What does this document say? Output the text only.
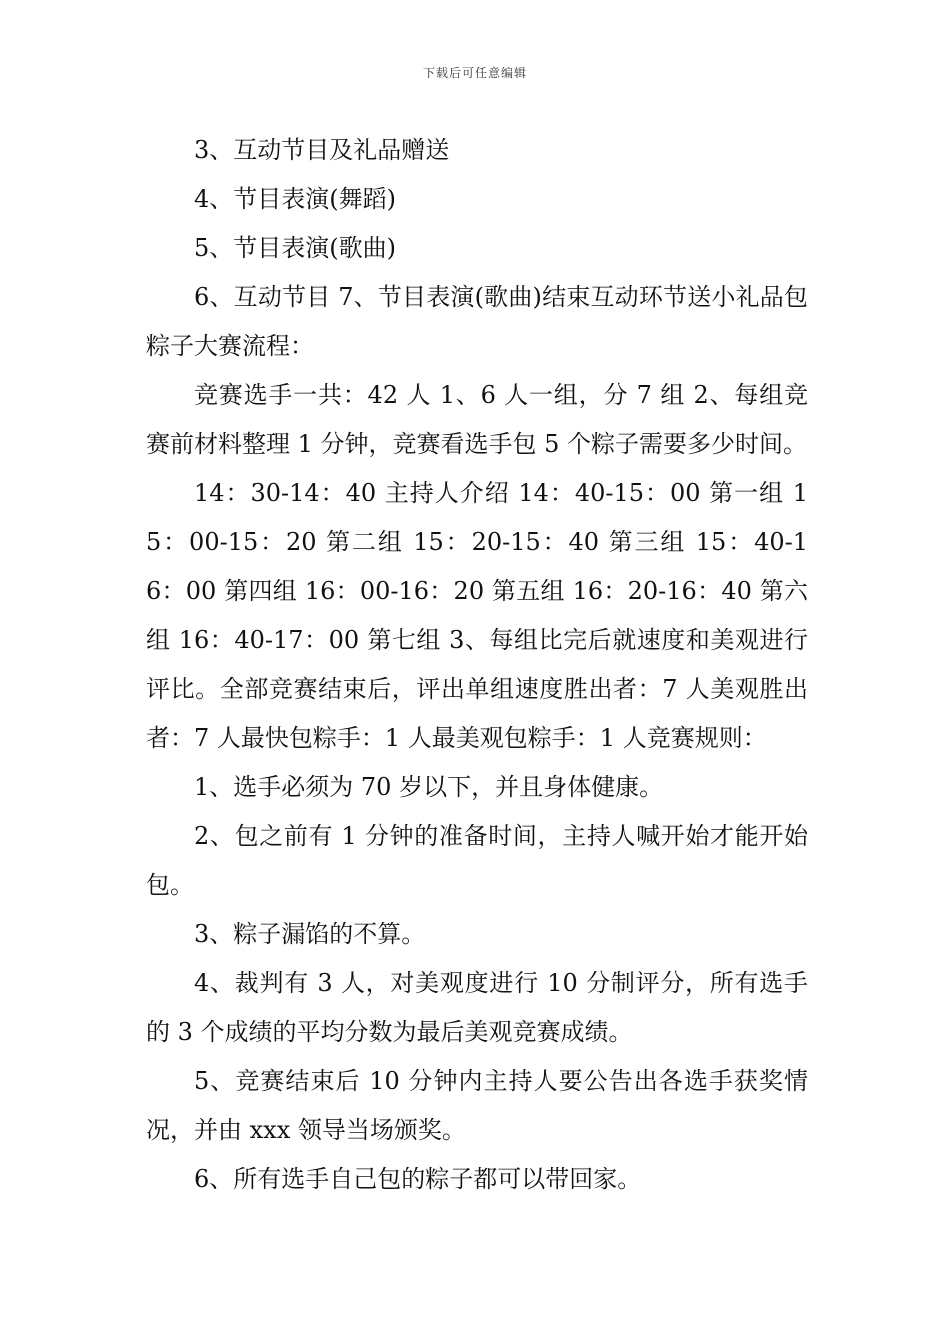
下载后可任意编辑

3、互动节目及礼品赠送

4、节目表演(舞蹈)

5、节目表演(歌曲)

6、互动节目 7、节目表演(歌曲)结束互动环节送小礼品包粽子大赛流程：

竞赛选手一共：42 人 1、6 人一组，分 7 组 2、每组竞赛前材料整理 1 分钟，竞赛看选手包 5 个粽子需要多少时间。

14：30-14：40 主持人介绍 14：40-15：00 第一组 15：00-15：20 第二组 15：20-15：40 第三组 15：40-16：00 第四组 16：00-16：20 第五组 16：20-16：40 第六组 16：40-17：00 第七组 3、每组比完后就速度和美观进行评比。全部竞赛结束后，评出单组速度胜出者：7 人美观胜出者：7 人最快包粽手：1 人最美观包粽手：1 人竞赛规则：

1、选手必须为 70 岁以下，并且身体健康。

2、包之前有 1 分钟的准备时间，主持人喊开始才能开始包。

3、粽子漏馅的不算。

4、裁判有 3 人，对美观度进行 10 分制评分，所有选手的 3 个成绩的平均分数为最后美观竞赛成绩。

5、竞赛结束后 10 分钟内主持人要公告出各选手获奖情况，并由 xxx 领导当场颁奖。

6、所有选手自己包的粽子都可以带回家。
